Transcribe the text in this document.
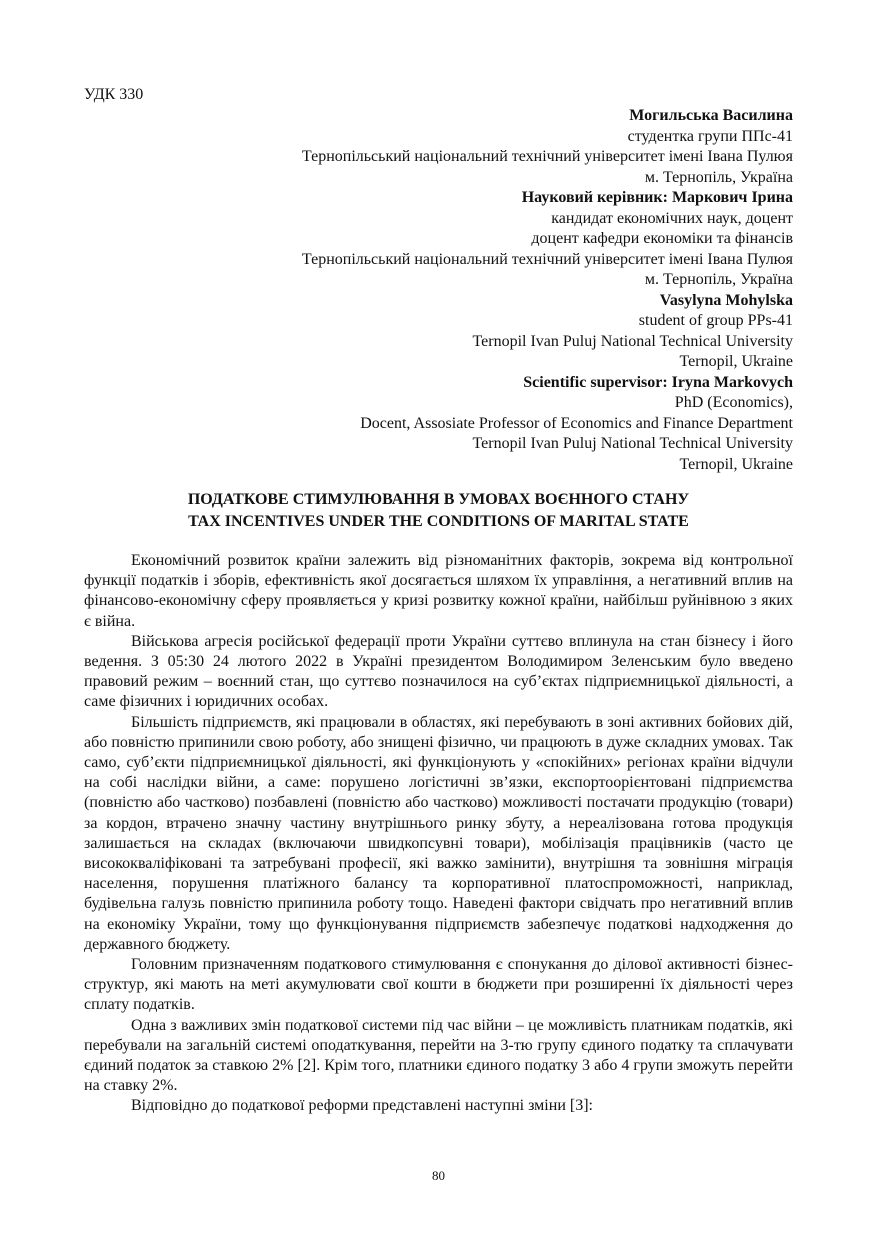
УДК 330
Могильська Василина
студентка групи ППс-41
Тернопільський національний технічний університет імені Івана Пулюя
м. Тернопіль, Україна
Науковий керівник: Маркович Ірина
кандидат економічних наук, доцент
доцент кафедри економіки та фінансів
Тернопільський національний технічний університет імені Івана Пулюя
м. Тернопіль, Україна
Vasylyna Mohylska
student of group PPs-41
Ternopil Ivan Puluj National Technical University
Ternopil, Ukraine
Scientific supervisor: Iryna Markovych
PhD (Economics),
Docent, Assosiate Professor of Economics and Finance Department
Ternopil Ivan Puluj National Technical University
Ternopil, Ukraine
ПОДАТКОВЕ СТИМУЛЮВАННЯ В УМОВАХ ВОЄННОГО СТАНУ
TAX INCENTIVES UNDER THE CONDITIONS OF MARITAL STATE

Економічний розвиток країни залежить від різноманітних факторів, зокрема від контрольної функції податків і зборів, ефективність якої досягається шляхом їх управління, а негативний вплив на фінансово-економічну сферу проявляється у кризі розвитку кожної країни, найбільш руйнівною з яких є війна.

Військова агресія російської федерації проти України суттєво вплинула на стан бізнесу і його ведення. З 05:30 24 лютого 2022 в Україні президентом Володимиром Зеленським було введено правовий режим – воєнний стан, що суттєво позначилося на суб’єктах підприємницької діяльності, а саме фізичних і юридичних особах.

Більшість підприємств, які працювали в областях, які перебувають в зоні активних бойових дій, або повністю припинили свою роботу, або знищені фізично, чи працюють в дуже складних умовах. Так само, суб’єкти підприємницької діяльності, які функціонують у «спокійних» регіонах країни відчули на собі наслідки війни, а саме: порушено логістичні зв’язки, експортоорієнтовані підприємства (повністю або частково) позбавлені (повністю або частково) можливості постачати продукцію (товари) за кордон, втрачено значну частину внутрішнього ринку збуту, а нереалізована готова продукція залишається на складах (включаючи швидкопсувні товари), мобілізація працівників (часто це висококваліфіковані та затребувані професії, які важко замінити), внутрішня та зовнішня міграція населення, порушення платіжного балансу та корпоративної платоспроможності, наприклад, будівельна галузь повністю припинила роботу тощо. Наведені фактори свідчать про негативний вплив на економіку України, тому що функціонування підприємств забезпечує податкові надходження до державного бюджету.

Головним призначенням податкового стимулювання є спонукання до ділової активності бізнес-структур, які мають на меті акумулювати свої кошти в бюджети при розширенні їх діяльності через сплату податків.

Одна з важливих змін податкової системи під час війни – це можливість платникам податків, які перебували на загальній системі оподаткування, перейти на 3-тю групу єдиного податку та сплачувати єдиний податок за ставкою 2% [2]. Крім того, платники єдиного податку 3 або 4 групи зможуть перейти на ставку 2%.

Відповідно до податкової реформи представлені наступні зміни [3]:

80
